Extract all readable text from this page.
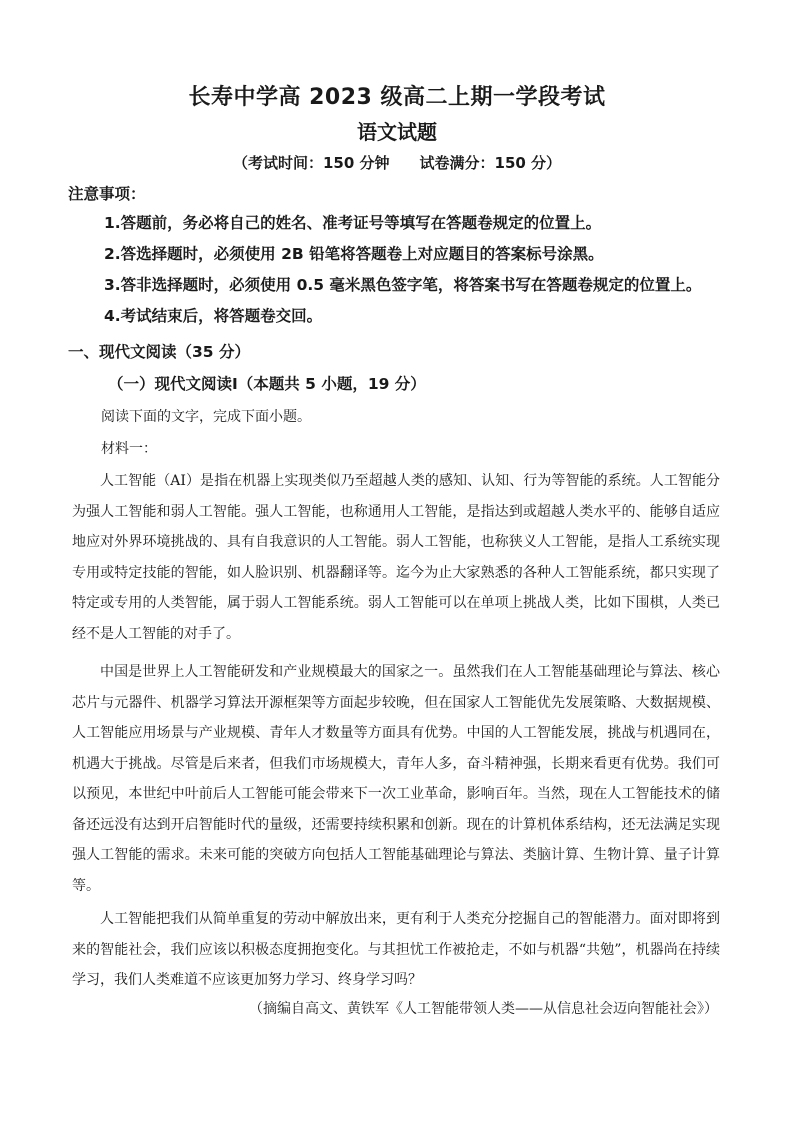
长寿中学高 2023 级高二上期一学段考试
语文试题
（考试时间：150 分钟 试卷满分：150 分）
注意事项：
1.答题前，务必将自己的姓名、准考证号等填写在答题卷规定的位置上。
2.答选择题时，必须使用 2B 铅笔将答题卷上对应题目的答案标号涂黑。
3.答非选择题时，必须使用 0.5 毫米黑色签字笔，将答案书写在答题卷规定的位置上。
4.考试结束后，将答题卷交回。
一、现代文阅读（35 分）
（一）现代文阅读Ⅰ（本题共 5 小题，19 分）
阅读下面的文字，完成下面小题。
材料一：

人工智能（AI）是指在机器上实现类似乃至超越人类的感知、认知、行为等智能的系统。人工智能分为强人工智能和弱人工智能。强人工智能，也称通用人工智能，是指达到或超越人类水平的、能够自适应地应对外界环境挑战的、具有自我意识的人工智能。弱人工智能，也称狭义人工智能，是指人工系统实现专用或特定技能的智能，如人脸识别、机器翻译等。迄今为止大家熟悉的各种人工智能系统，都只实现了特定或专用的人类智能，属于弱人工智能系统。弱人工智能可以在单项上挑战人类，比如下围棋，人类已经不是人工智能的对手了。

中国是世界上人工智能研发和产业规模最大的国家之一。虽然我们在人工智能基础理论与算法、核心芯片与元器件、机器学习算法开源框架等方面起步较晚，但在国家人工智能优先发展策略、大数据规模、人工智能应用场景与产业规模、青年人才数量等方面具有优势。中国的人工智能发展，挑战与机遇同在，机遇大于挑战。尽管是后来者，但我们市场规模大，青年人多，奋斗精神强，长期来看更有优势。我们可以预见，本世纪中叶前后人工智能可能会带来下一次工业革命，影响百年。当然，现在人工智能技术的储备还远没有达到开启智能时代的量级，还需要持续积累和创新。现在的计算机体系结构，还无法满足实现强人工智能的需求。未来可能的突破方向包括人工智能基础理论与算法、类脑计算、生物计算、量子计算等。

人工智能把我们从简单重复的劳动中解放出来，更有利于人类充分挖掘自己的智能潜力。面对即将到来的智能社会，我们应该以积极态度拥抱变化。与其担忧工作被抢走，不如与机器“共勉”，机器尚在持续学习，我们人类难道不应该更加努力学习、终身学习吗？

（摘编自高文、黄铁军《人工智能带领人类——从信息社会迈向智能社会》）
